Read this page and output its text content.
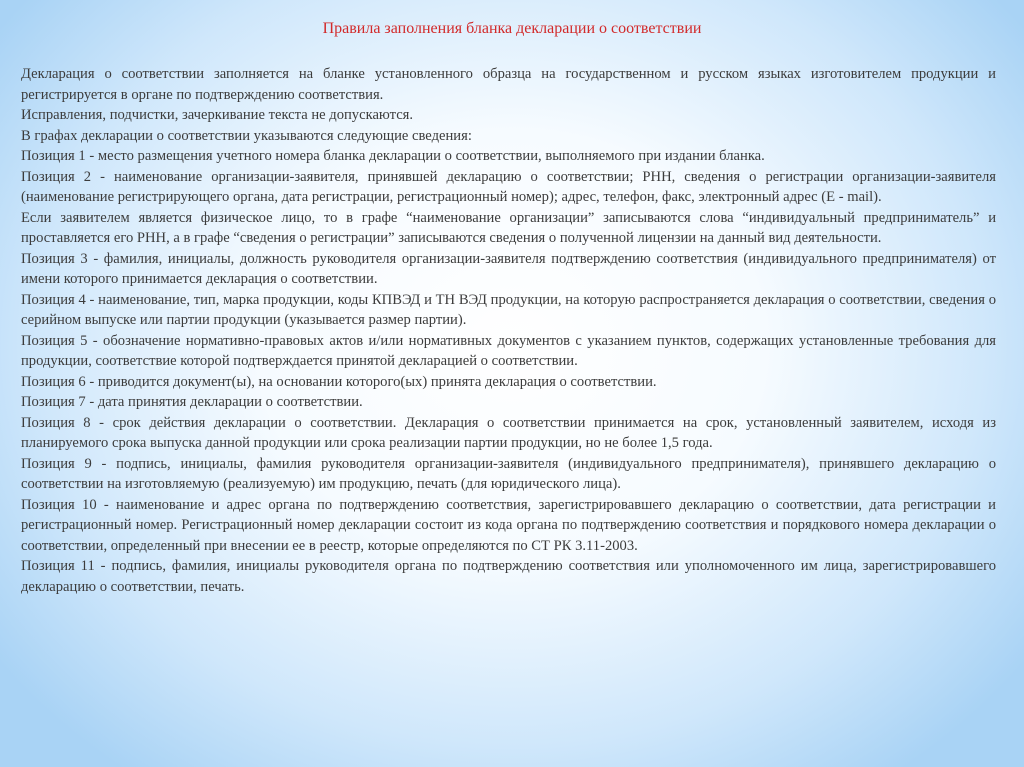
Правила заполнения бланка декларации о соответствии

Декларация о соответствии заполняется на бланке установленного образца на государственном и русском языках изготовителем продукции и регистрируется в органе по подтверждению соответствия.

Исправления, подчистки, зачеркивание текста не допускаются.

В графах декларации о соответствии указываются следующие сведения:

Позиция 1 - место размещения учетного номера бланка декларации о соответствии, выполняемого при издании бланка.

Позиция 2 - наименование организации-заявителя, принявшей декларацию о соответствии; РНН, сведения о регистрации организации-заявителя (наименование регистрирующего органа, дата регистрации, регистрационный номер); адрес, телефон, факс, электронный адрес (E - mail).

Если заявителем является физическое лицо, то в графе “наименование организации” записываются слова “индивидуальный предприниматель” и проставляется его РНН, а в графе “сведения о регистрации” записываются сведения о полученной лицензии на данный вид деятельности.

Позиция 3 - фамилия, инициалы, должность руководителя организации-заявителя подтверждению соответствия (индивидуального предпринимателя) от имени которого принимается декларация о соответствии.

Позиция 4 - наименование, тип, марка продукции, коды КПВЭД и ТН ВЭД продукции, на которую распространяется декларация о соответствии, сведения о серийном выпуске или партии продукции (указывается размер партии).

Позиция 5 - обозначение нормативно-правовых актов и/или нормативных документов с указанием пунктов, содержащих установленные требования для продукции, соответствие которой подтверждается принятой декларацией о соответствии.

Позиция 6 - приводится документ(ы), на основании которого(ых) принята декларация о соответствии.

Позиция 7 - дата принятия декларации о соответствии.

Позиция 8 - срок действия декларации о соответствии. Декларация о соответствии принимается на срок, установленный заявителем, исходя из планируемого срока выпуска данной продукции или срока реализации партии продукции, но не более 1,5 года.

Позиция 9 - подпись, инициалы, фамилия руководителя организации-заявителя (индивидуального предпринимателя), принявшего декларацию о соответствии на изготовляемую (реализуемую) им продукцию, печать (для юридического лица).

Позиция 10 - наименование и адрес органа по подтверждению соответствия, зарегистрировавшего декларацию о соответствии, дата регистрации и регистрационный номер. Регистрационный номер декларации состоит из кода органа по подтверждению соответствия и порядкового номера декларации о соответствии, определенный при внесении ее в реестр, которые определяются по СТ РК 3.11-2003.

Позиция 11 - подпись, фамилия, инициалы руководителя органа по подтверждению соответствия или уполномоченного им лица, зарегистрировавшего декларацию о соответствии, печать.
